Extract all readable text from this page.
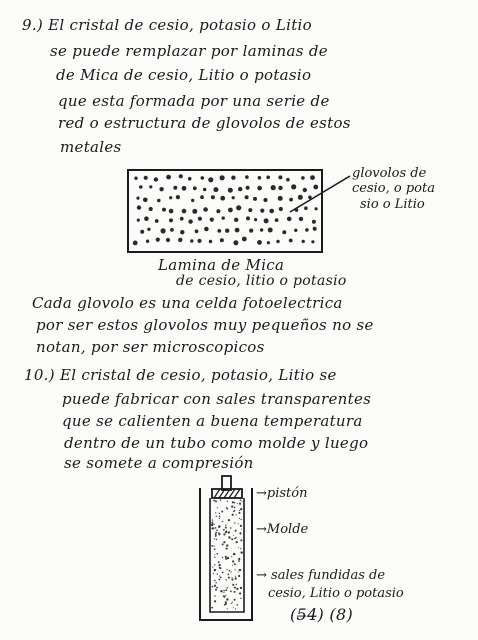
9.) El cristal de cesio, potasio o Litio
se puede remplazar por laminas de
de Mica de cesio, Litio o potasio
que esta formada por una serie de
red o estructura de glovolos de estos
metales
glovolos de
cesio, o pota
sio o Litio
Lamina de Mica
de cesio, litio o potasio
Cada glovolo es una celda fotoelectrica
por ser estos glovolos muy pequeños no se
notan, por ser microscopicos
10.) El cristal de cesio, potasio, Litio se
puede fabricar con sales transparentes
que se calienten a buena temperatura
dentro de un tubo como molde y luego
se somete a compresión
→pistón
→Molde
→ sales fundidas de
cesio, Litio o potasio
(5̶4̶) (8)
